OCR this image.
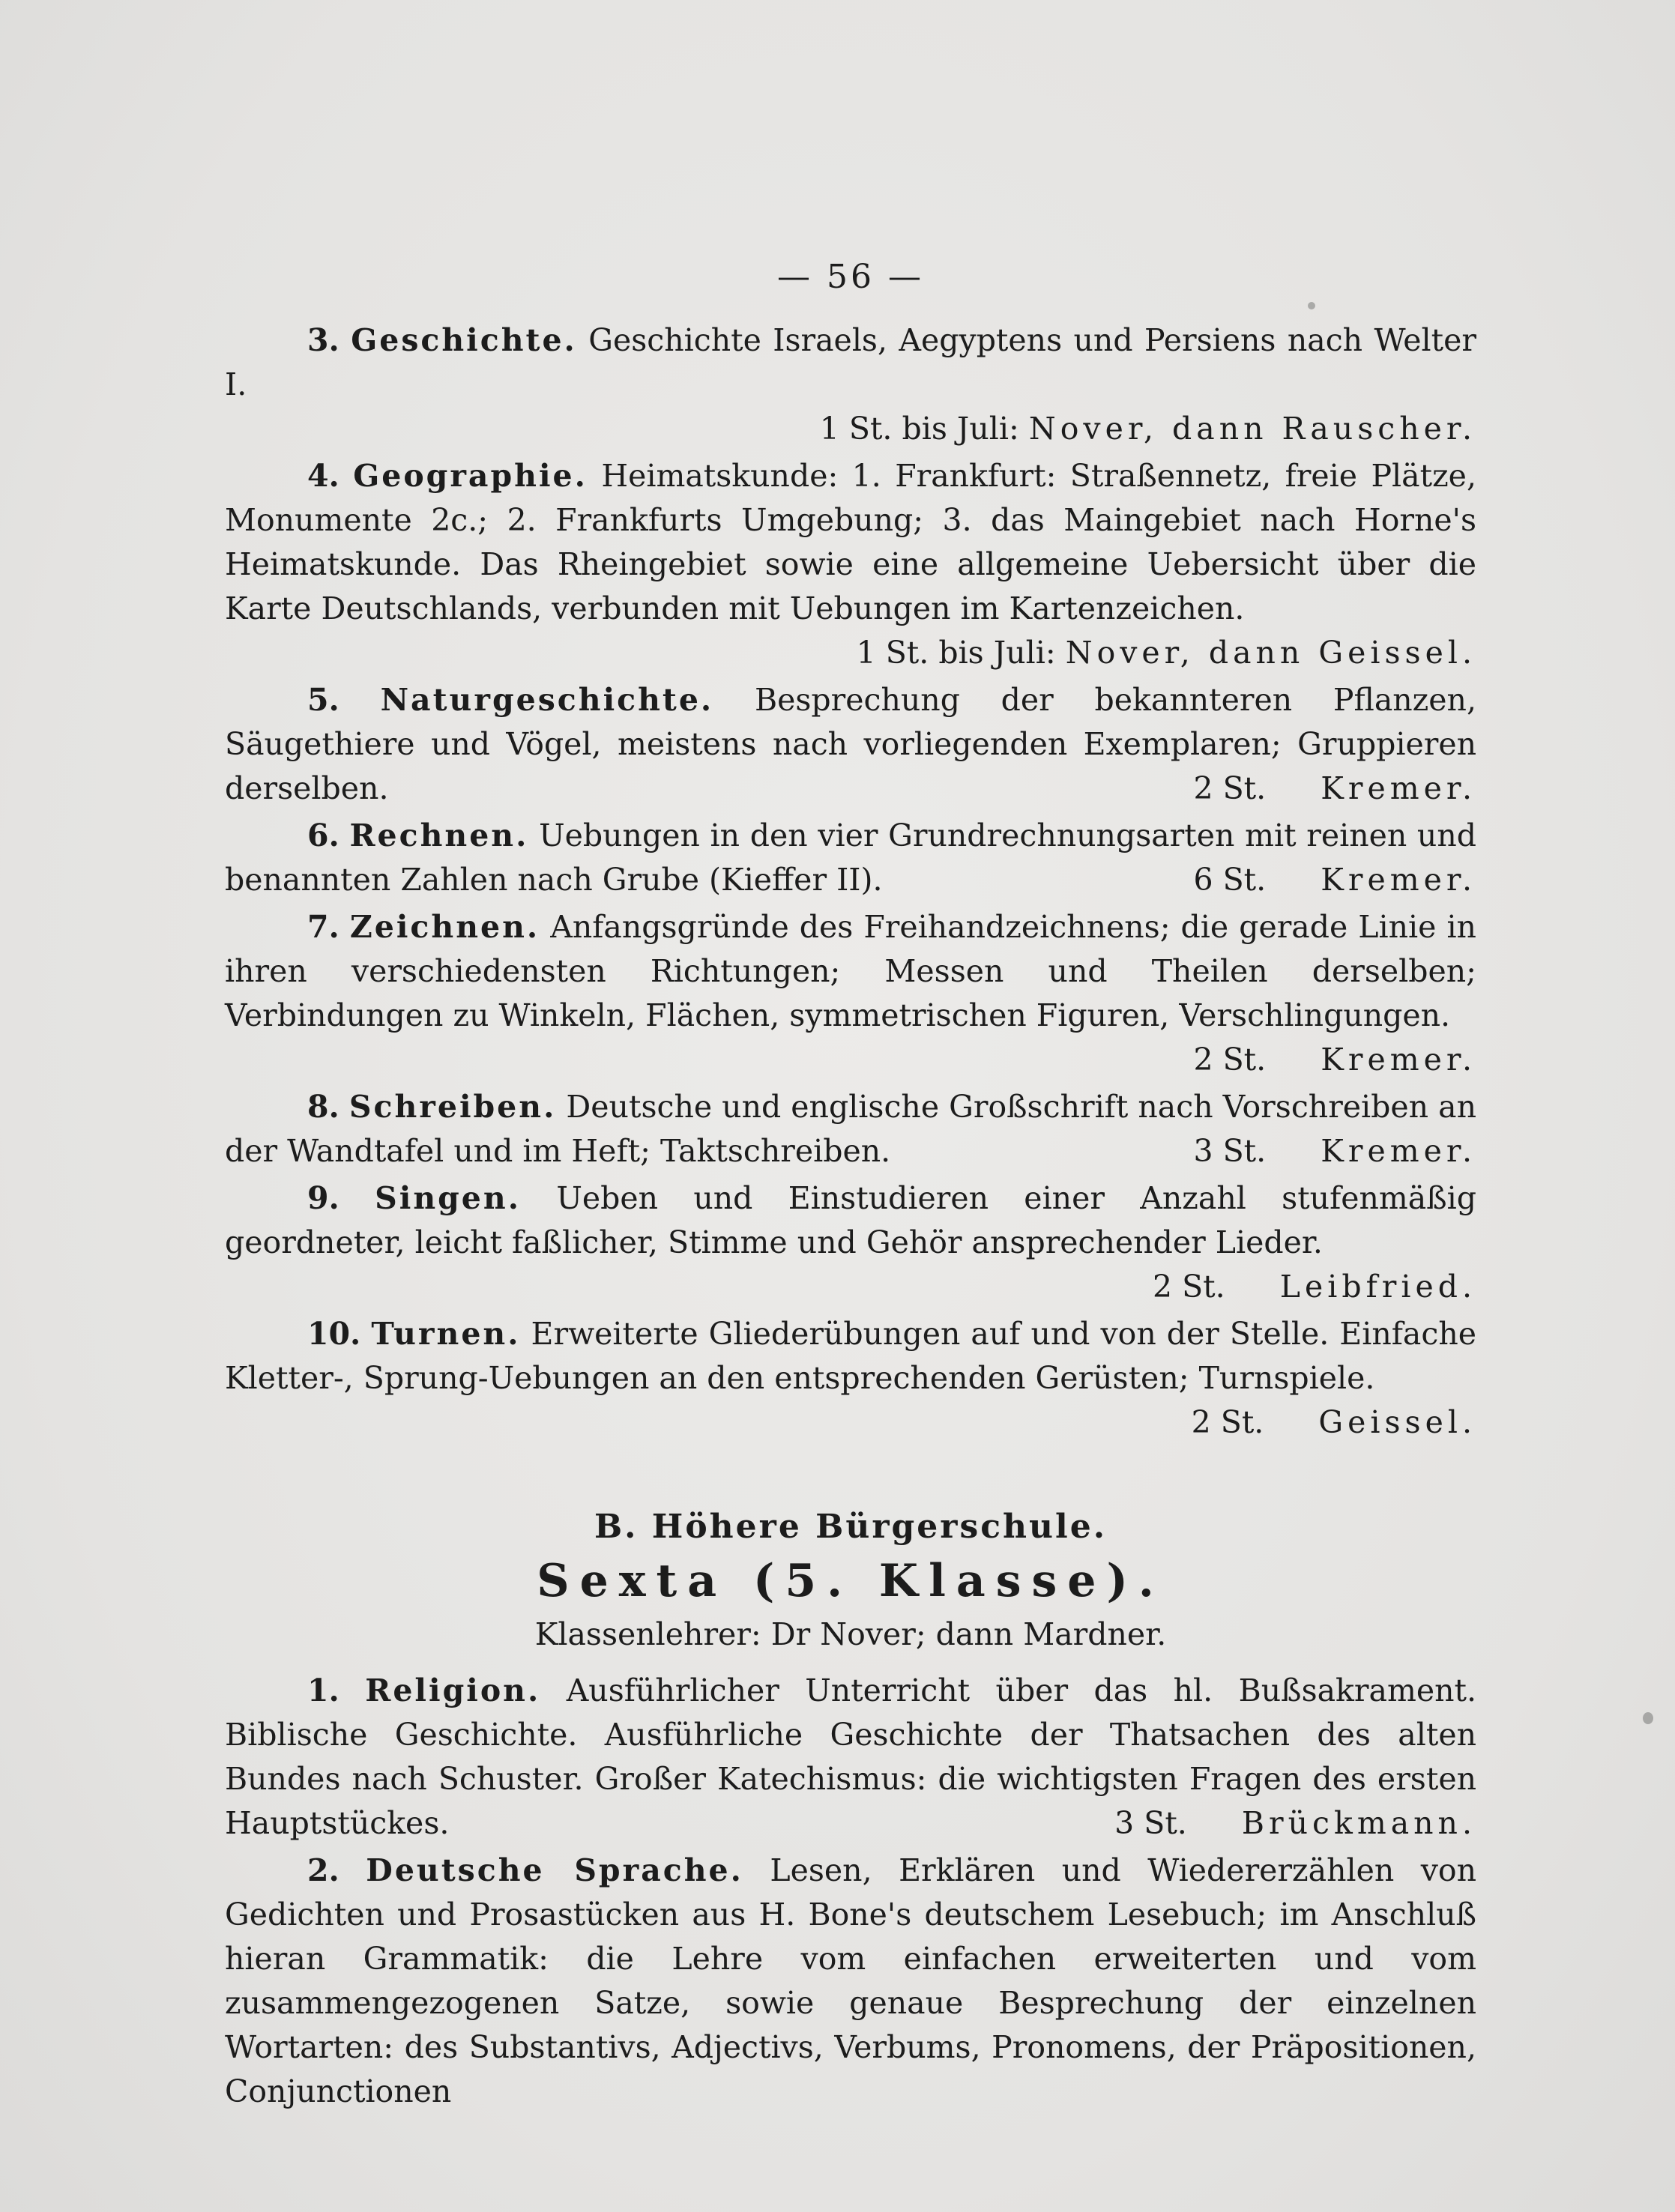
— 56 —
3. Geschichte. Geschichte Israels, Aegyptens und Persiens nach Welter I.
1 St. bis Juli: Nover, dann Rauscher.
4. Geographie. Heimatskunde: 1. Frankfurt: Straßennetz, freie Plätze, Monumente 2c.; 2. Frankfurts Umgebung; 3. das Maingebiet nach Horne's Heimatskunde. Das Rheingebiet sowie eine allgemeine Uebersicht über die Karte Deutschlands, verbunden mit Uebungen im Kartenzeichen.
1 St. bis Juli: Nover, dann Geissel.
5. Naturgeschichte. Besprechung der bekannteren Pflanzen, Säugethiere und Vögel, meistens nach vorliegenden Exemplaren; Gruppieren derselben.	2 St. Kremer.
6. Rechnen. Uebungen in den vier Grundrechnungsarten mit reinen und benannten Zahlen nach Grube (Kieffer II).	6 St. Kremer.
7. Zeichnen. Anfangsgründe des Freihandzeichnens; die gerade Linie in ihren verschiedensten Richtungen; Messen und Theilen derselben; Verbindungen zu Winkeln, Flächen, symmetrischen Figuren, Verschlingungen.
2 St. Kremer.
8. Schreiben. Deutsche und englische Großschrift nach Vorschreiben an der Wandtafel und im Heft; Taktschreiben.	3 St. Kremer.
9. Singen. Ueben und Einstudieren einer Anzahl stufenmäßig geordneter, leicht faßlicher, Stimme und Gehör ansprechender Lieder.
2 St. Leibfried.
10. Turnen. Erweiterte Gliederübungen auf und von der Stelle. Einfache Kletter-, Sprung-Uebungen an den entsprechenden Gerüsten; Turnspiele.
2 St. Geissel.
B. Höhere Bürgerschule.
Sexta (5. Klasse).
Klassenlehrer: Dr Nover; dann Mardner.
1. Religion. Ausführlicher Unterricht über das hl. Bußsakrament. Biblische Geschichte. Ausführliche Geschichte der Thatsachen des alten Bundes nach Schuster. Großer Katechismus: die wichtigsten Fragen des ersten Hauptstückes.	3 St. Brückmann.
2. Deutsche Sprache. Lesen, Erklären und Wiedererzählen von Gedichten und Prosastücken aus H. Bone's deutschem Lesebuch; im Anschluß hieran Grammatik: die Lehre vom einfachen erweiterten und vom zusammengezogenen Satze, sowie genaue Besprechung der einzelnen Wortarten: des Substantivs, Adjectivs, Verbums, Pronomens, der Präpositionen, Conjunctionen
